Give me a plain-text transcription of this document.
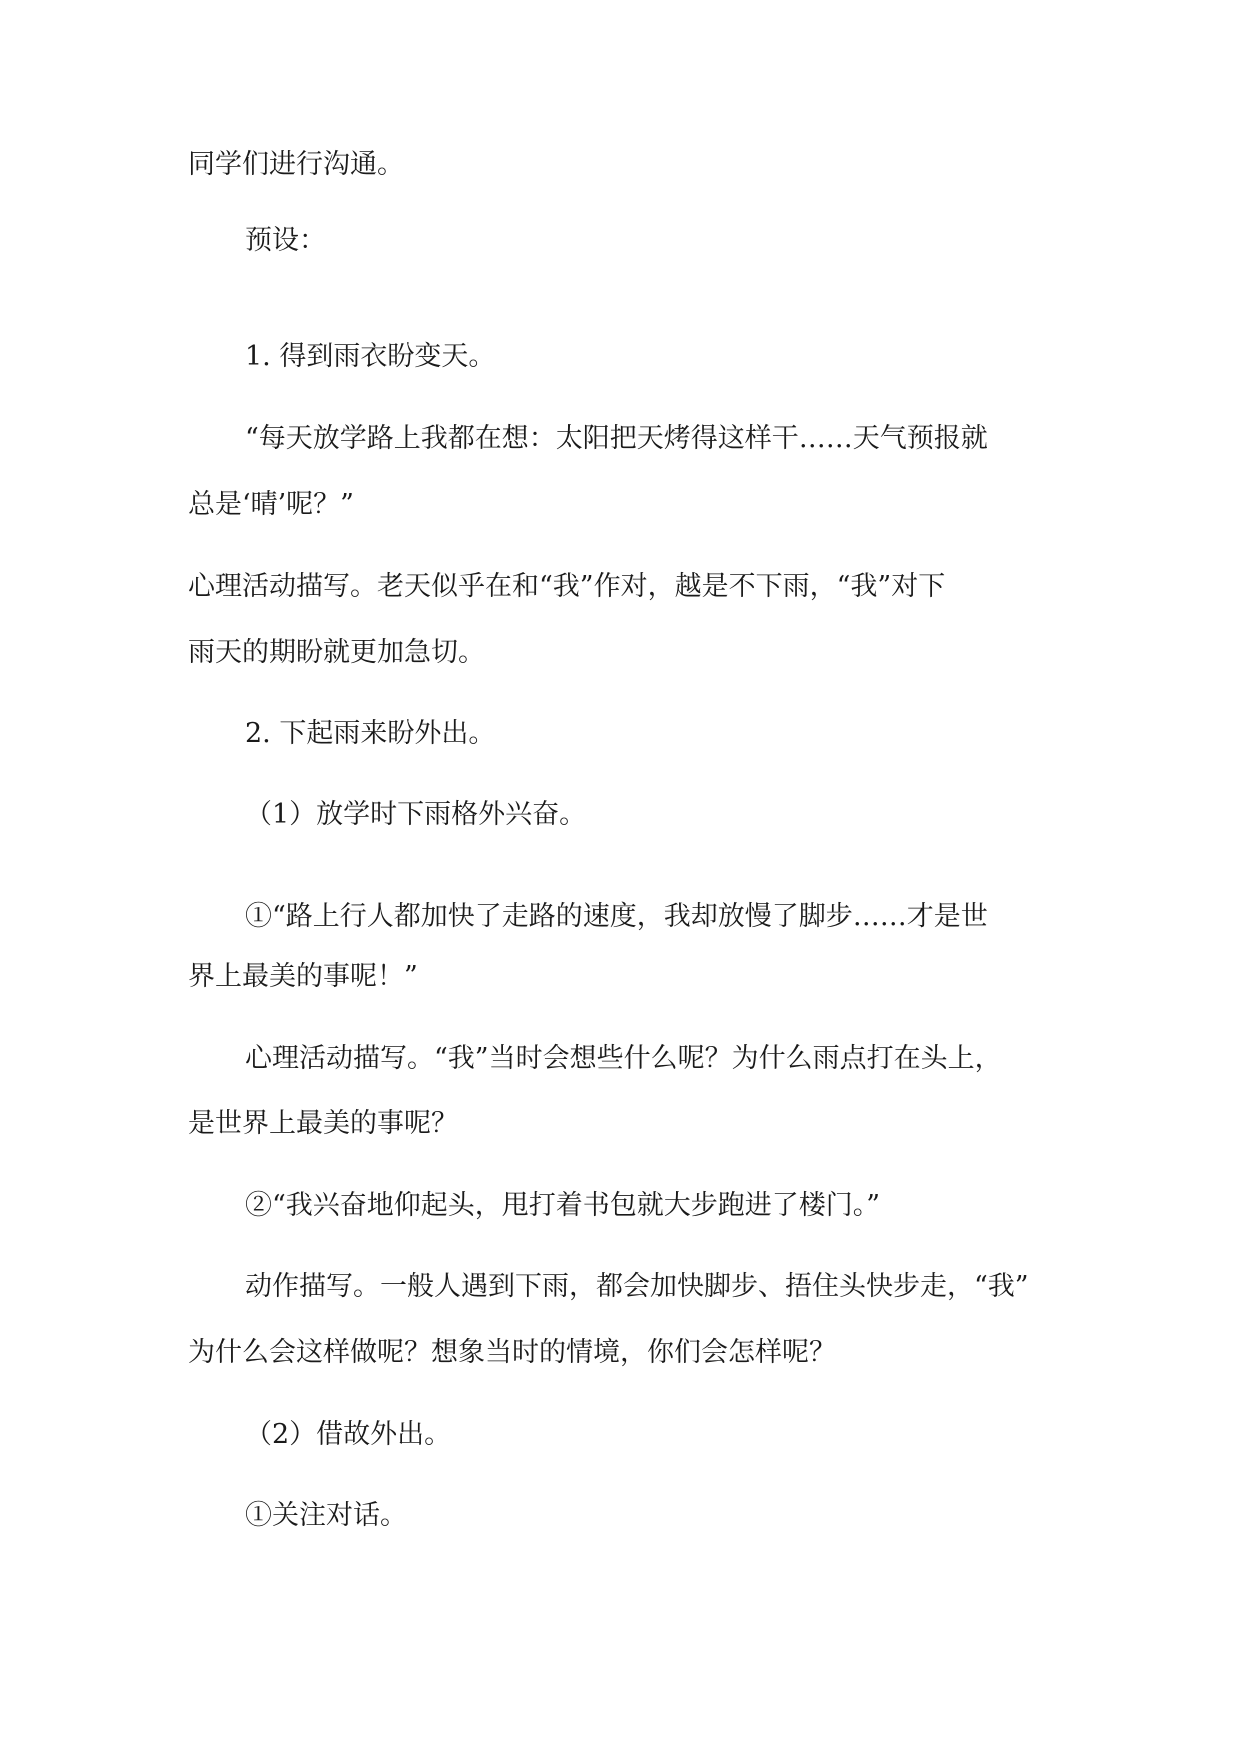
同学们进行沟通。

预设：

1. 得到雨衣盼变天。

“每天放学路上我都在想：太阳把天烤得这样干……天气预报就

总是‘晴’呢？”

心理活动描写。老天似乎在和“我”作对，越是不下雨，“我”对下

雨天的期盼就更加急切。

2. 下起雨来盼外出。

（1）放学时下雨格外兴奋。

①“路上行人都加快了走路的速度，我却放慢了脚步……才是世

界上最美的事呢！”

心理活动描写。“我”当时会想些什么呢？为什么雨点打在头上，

是世界上最美的事呢？

②“我兴奋地仰起头，甩打着书包就大步跑进了楼门。”

动作描写。一般人遇到下雨，都会加快脚步、捂住头快步走，“我”

为什么会这样做呢？想象当时的情境，你们会怎样呢？

（2）借故外出。

①关注对话。
